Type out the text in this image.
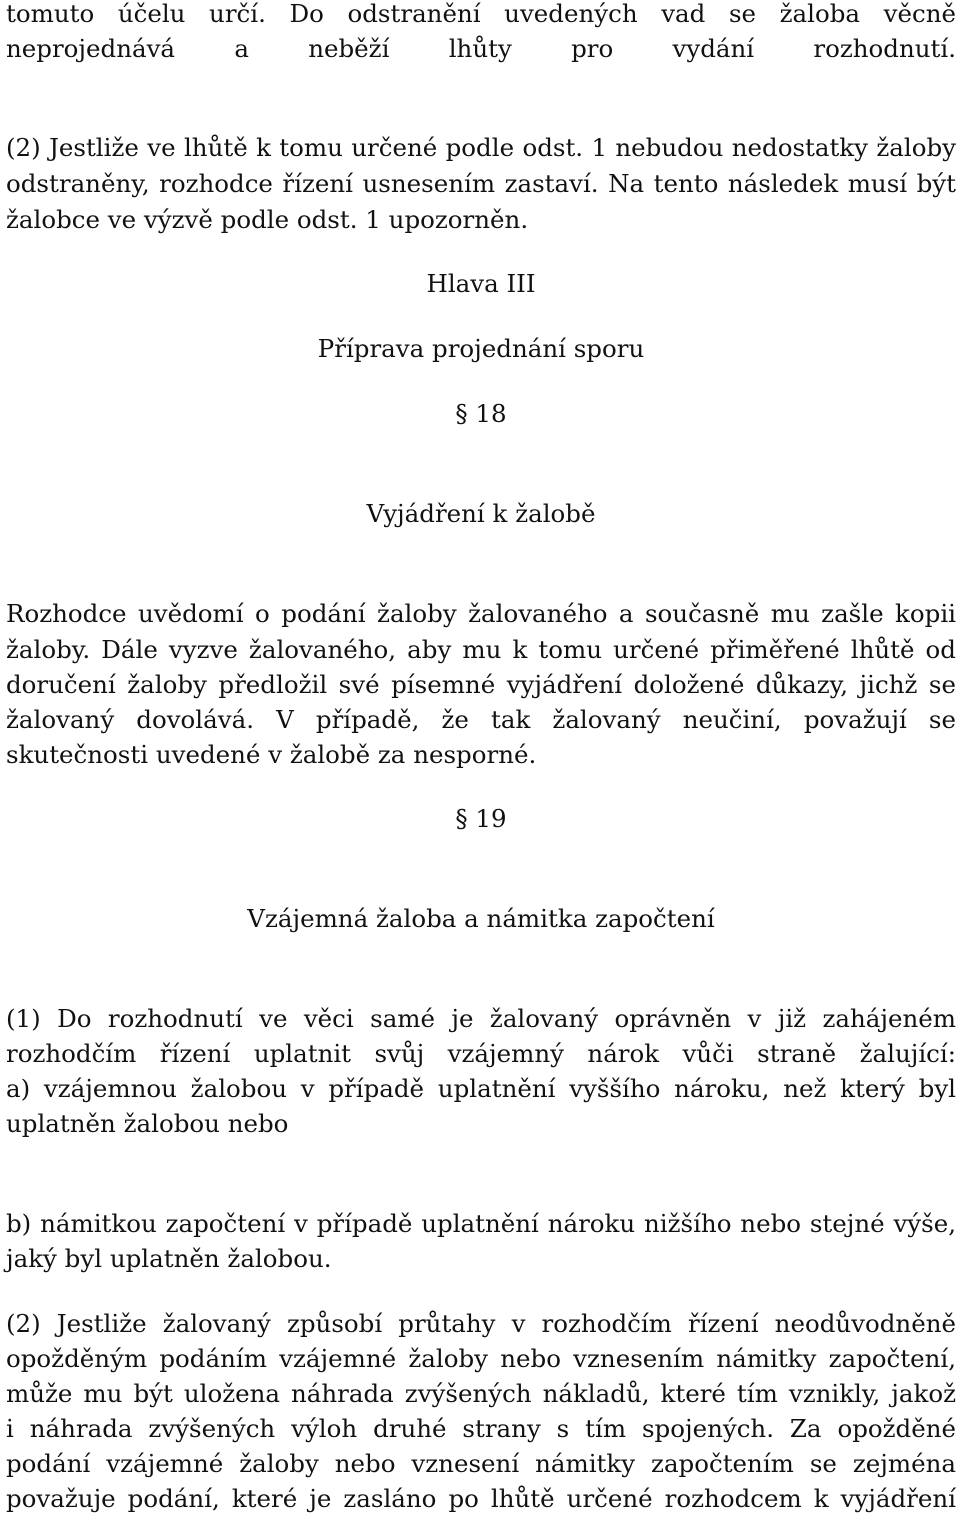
tomuto účelu určí. Do odstranění uvedených vad se žaloba věcně
neprojednává a neběží lhůty pro vydání rozhodnutí.
(2) Jestliže ve lhůtě k tomu určené podle odst. 1 nebudou nedostatky žaloby
odstraněny, rozhodce řízení usnesením zastaví. Na tento následek musí být
žalobce ve výzvě podle odst. 1 upozorněn.
Hlava III
Příprava projednání sporu
§ 18
Vyjádření k žalobě
Rozhodce uvědomí o podání žaloby žalovaného a současně mu zašle kopii
žaloby. Dále vyzve žalovaného, aby mu k tomu určené přiměřené lhůtě od
doručení žaloby předložil své písemné vyjádření doložené důkazy, jichž se
žalovaný dovolává. V případě, že tak žalovaný neučiní, považují se
skutečnosti uvedené v žalobě za nesporné.
§ 19
Vzájemná žaloba a námitka započtení
(1) Do rozhodnutí ve věci samé je žalovaný oprávněn v již zahájeném
rozhodčím řízení uplatnit svůj vzájemný nárok vůči straně žalující:
a) vzájemnou žalobou v případě uplatnění vyššího nároku, než který byl
uplatněn žalobou nebo
b) námitkou započtení v případě uplatnění nároku nižšího nebo stejné výše,
jaký byl uplatněn žalobou.
(2) Jestliže žalovaný způsobí průtahy v rozhodčím řízení neodůvodněně
opožděným podáním vzájemné žaloby nebo vznesením námitky započtení,
může mu být uložena náhrada zvýšených nákladů, které tím vznikly, jakož
i náhrada zvýšených výloh druhé strany s tím spojených. Za opožděné
podání vzájemné žaloby nebo vznesení námitky započtením se zejména
považuje podání, které je zasláno po lhůtě určené rozhodcem k vyjádření
